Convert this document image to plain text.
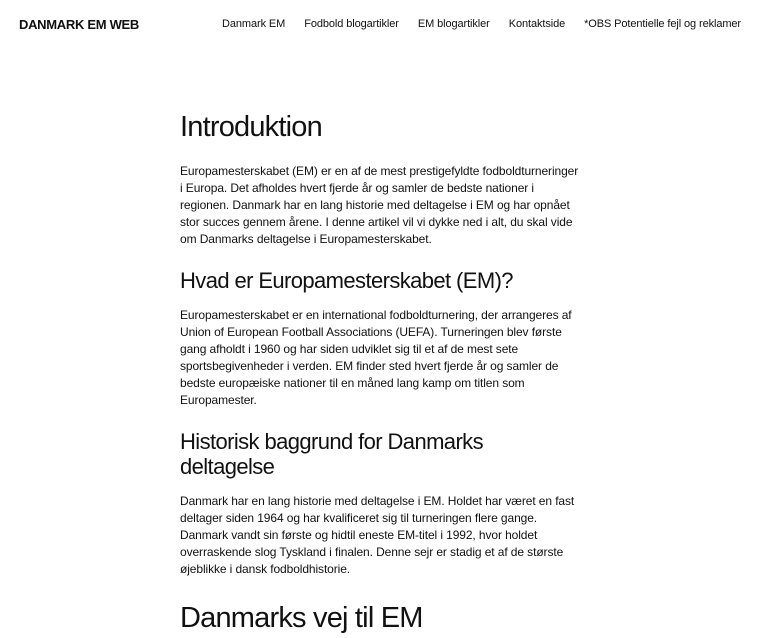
DANMARK EM WEB	Danmark EM Fodbold blogartikler EM blogartikler Kontaktside *OBS Potentielle fejl og reklamer
Introduktion

Europamesterskabet (EM) er en af de mest prestigefyldte fodboldturneringer i Europa. Det afholdes hvert fjerde år og samler de bedste nationer i regionen. Danmark har en lang historie med deltagelse i EM og har opnået stor succes gennem årene. I denne artikel vil vi dykke ned i alt, du skal vide om Danmarks deltagelse i Europamesterskabet.

Hvad er Europamesterskabet (EM)?

Europamesterskabet er en international fodboldturnering, der arrangeres af Union of European Football Associations (UEFA). Turneringen blev første gang afholdt i 1960 og har siden udviklet sig til et af de mest sete sportsbegivenheder i verden. EM finder sted hvert fjerde år og samler de bedste europæiske nationer til en måned lang kamp om titlen som Europamester.

Historisk baggrund for Danmarks deltagelse

Danmark har en lang historie med deltagelse i EM. Holdet har været en fast deltager siden 1964 og har kvalificeret sig til turneringen flere gange. Danmark vandt sin første og hidtil eneste EM-titel i 1992, hvor holdet overraskende slog Tyskland i finalen. Denne sejr er stadig et af de største øjeblikke i dansk fodboldhistorie.

Danmarks vej til EM
